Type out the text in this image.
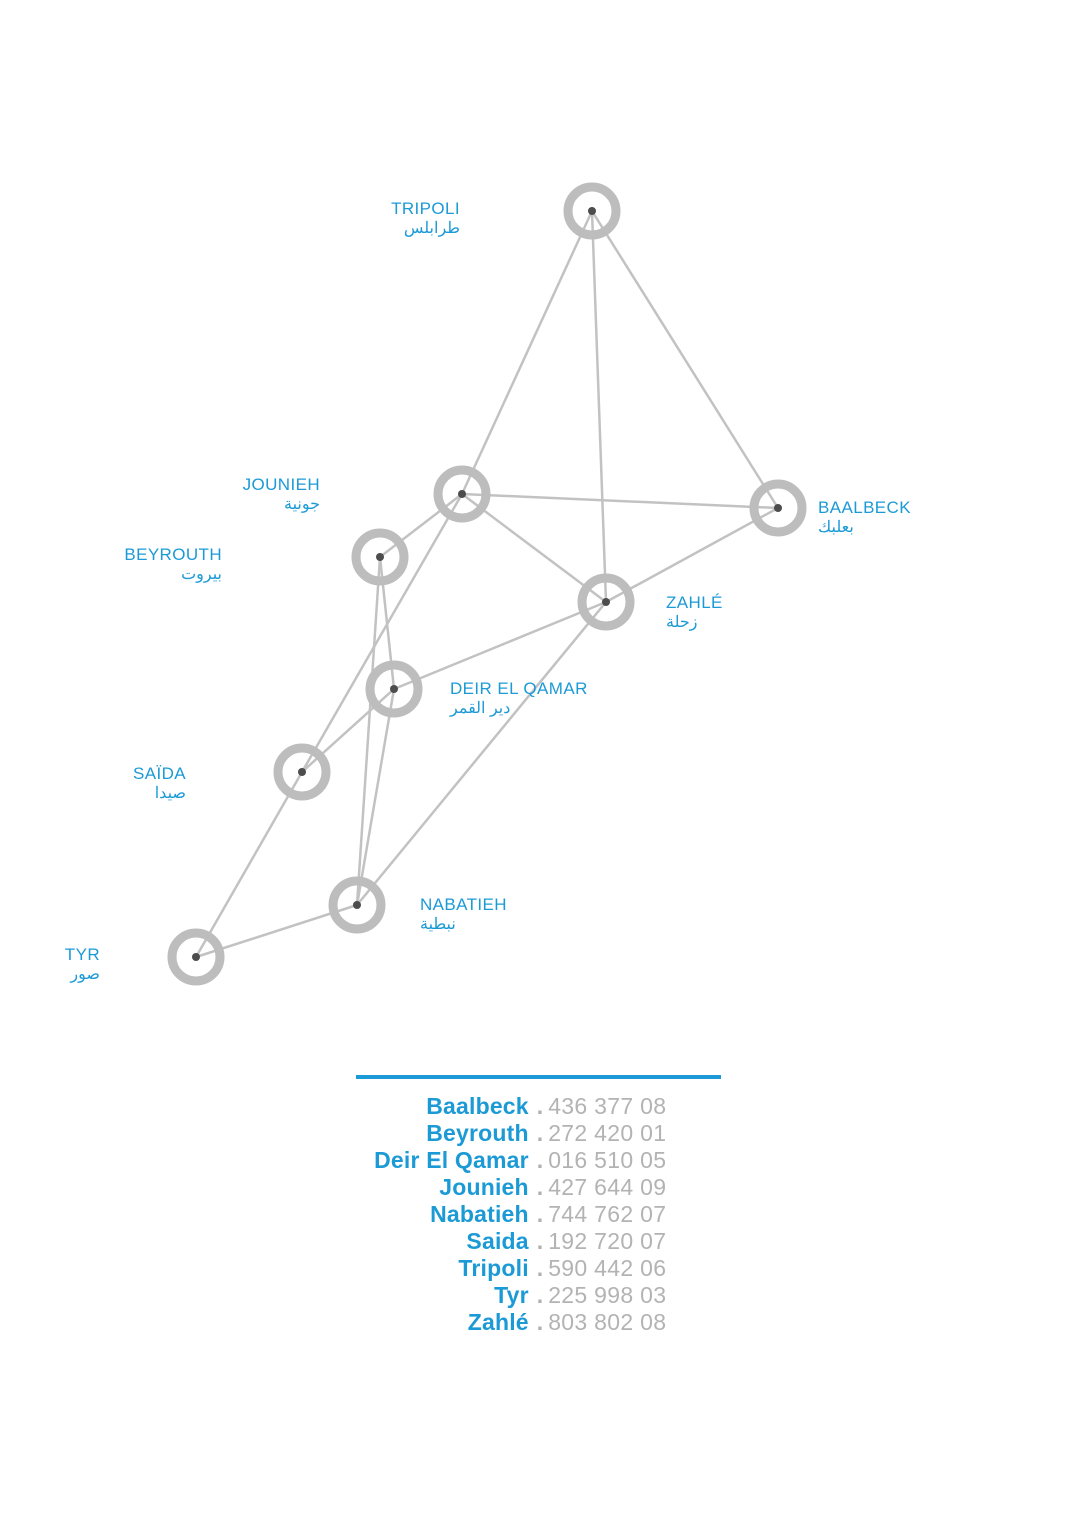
TRIPOLI
طرابلس
BAALBECK
بعلبك
JOUNIEH
جونية
BEYROUTH
بيروت
ZAHLÉ
زحلة
DEIR EL QAMAR
دير القمر
SAÏDA
صيدا
NABATIEH
نبطية
TYR
صور
Baalbeck . 436 377 08
Beyrouth . 272 420 01
Deir El Qamar . 016 510 05
Jounieh . 427 644 09
Nabatieh . 744 762 07
Saida . 192 720 07
Tripoli . 590 442 06
Tyr . 225 998 03
Zahlé . 803 802 08
